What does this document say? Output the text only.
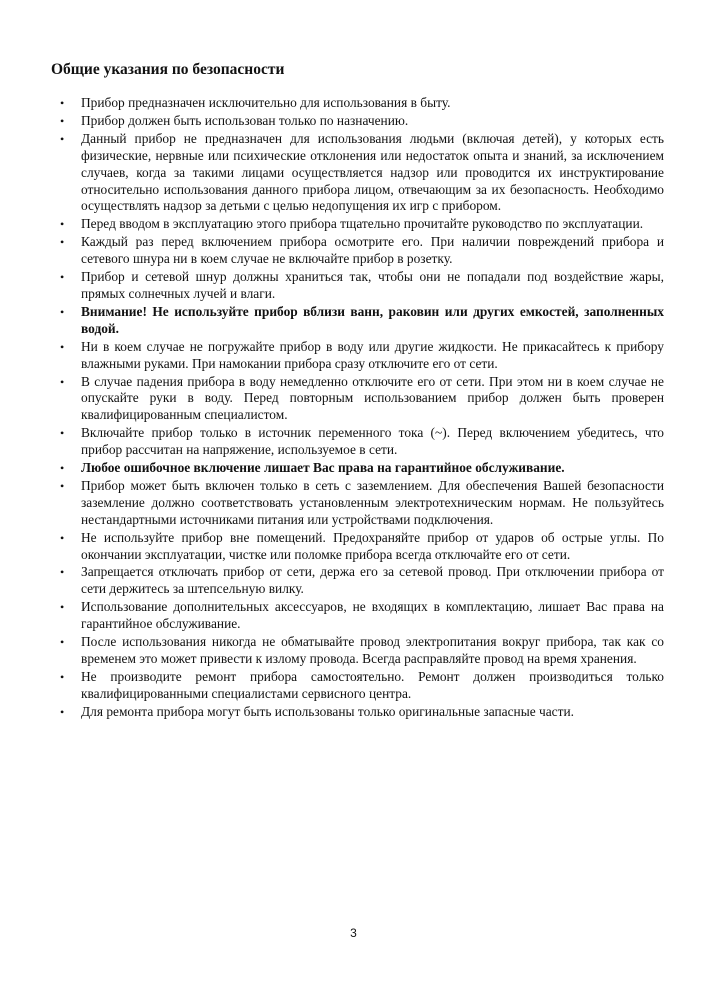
Общие указания по безопасности
• Прибор предназначен исключительно для использования в быту.
• Прибор должен быть использован только по назначению.
• Данный прибор не предназначен для использования людьми (включая детей), у которых есть физические, нервные или психические отклонения или недостаток опыта и знаний, за исключением случаев, когда за такими лицами осуществляется надзор или проводится их инструктирование относительно использования данного прибора лицом, отвечающим за их безопасность. Необходимо осуществлять надзор за детьми с целью недопущения их игр с прибором.
• Перед вводом в эксплуатацию этого прибора тщательно прочитайте руководство по эксплуатации.
• Каждый раз перед включением прибора осмотрите его. При наличии повреждений прибора и сетевого шнура ни в коем случае не включайте прибор в розетку.
• Прибор и сетевой шнур должны храниться так, чтобы они не попадали под воздействие жары, прямых солнечных лучей и влаги.
• Внимание! Не используйте прибор вблизи ванн, раковин или других емкостей, заполненных водой.
• Ни в коем случае не погружайте прибор в воду или другие жидкости. Не прикасайтесь к прибору влажными руками. При намокании прибора сразу отключите его от сети.
• В случае падения прибора в воду немедленно отключите его от сети. При этом ни в коем случае не опускайте руки в воду. Перед повторным использованием прибор должен быть проверен квалифицированным специалистом.
• Включайте прибор только в источник переменного тока (~). Перед включением убедитесь, что прибор рассчитан на напряжение, используемое в сети.
• Любое ошибочное включение лишает Вас права на гарантийное обслуживание.
• Прибор может быть включен только в сеть с заземлением. Для обеспечения Вашей безопасности заземление должно соответствовать установленным электротехническим нормам. Не пользуйтесь нестандартными источниками питания или устройствами подключения.
• Не используйте прибор вне помещений. Предохраняйте прибор от ударов об острые углы. По окончании эксплуатации, чистке или поломке прибора всегда отключайте его от сети.
• Запрещается отключать прибор от сети, держа его за сетевой провод. При отключении прибора от сети держитесь за штепсельную вилку.
• Использование дополнительных аксессуаров, не входящих в комплектацию, лишает Вас права на гарантийное обслуживание.
• После использования никогда не обматывайте провод электропитания вокруг прибора, так как со временем это может привести к излому провода. Всегда расправляйте провод на время хранения.
• Не производите ремонт прибора самостоятельно. Ремонт должен производиться только квалифицированными специалистами сервисного центра.
• Для ремонта прибора могут быть использованы только оригинальные запасные части.
3
